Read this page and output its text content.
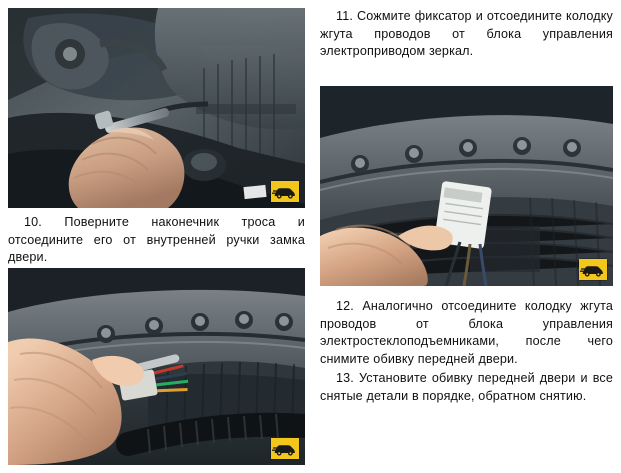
11. Сожмите фиксатор и отсоедините колодку жгута проводов от блока управления электроприводом зеркал.

10. Поверните наконечник троса и отсоедините его от внутренней ручки замка двери.

12. Аналогично отсоедините колодку жгута проводов от блока управления электростеклоподъемниками, после чего снимите обивку передней двери.

13. Установите обивку передней двери и все снятые детали в порядке, обратном снятию.
